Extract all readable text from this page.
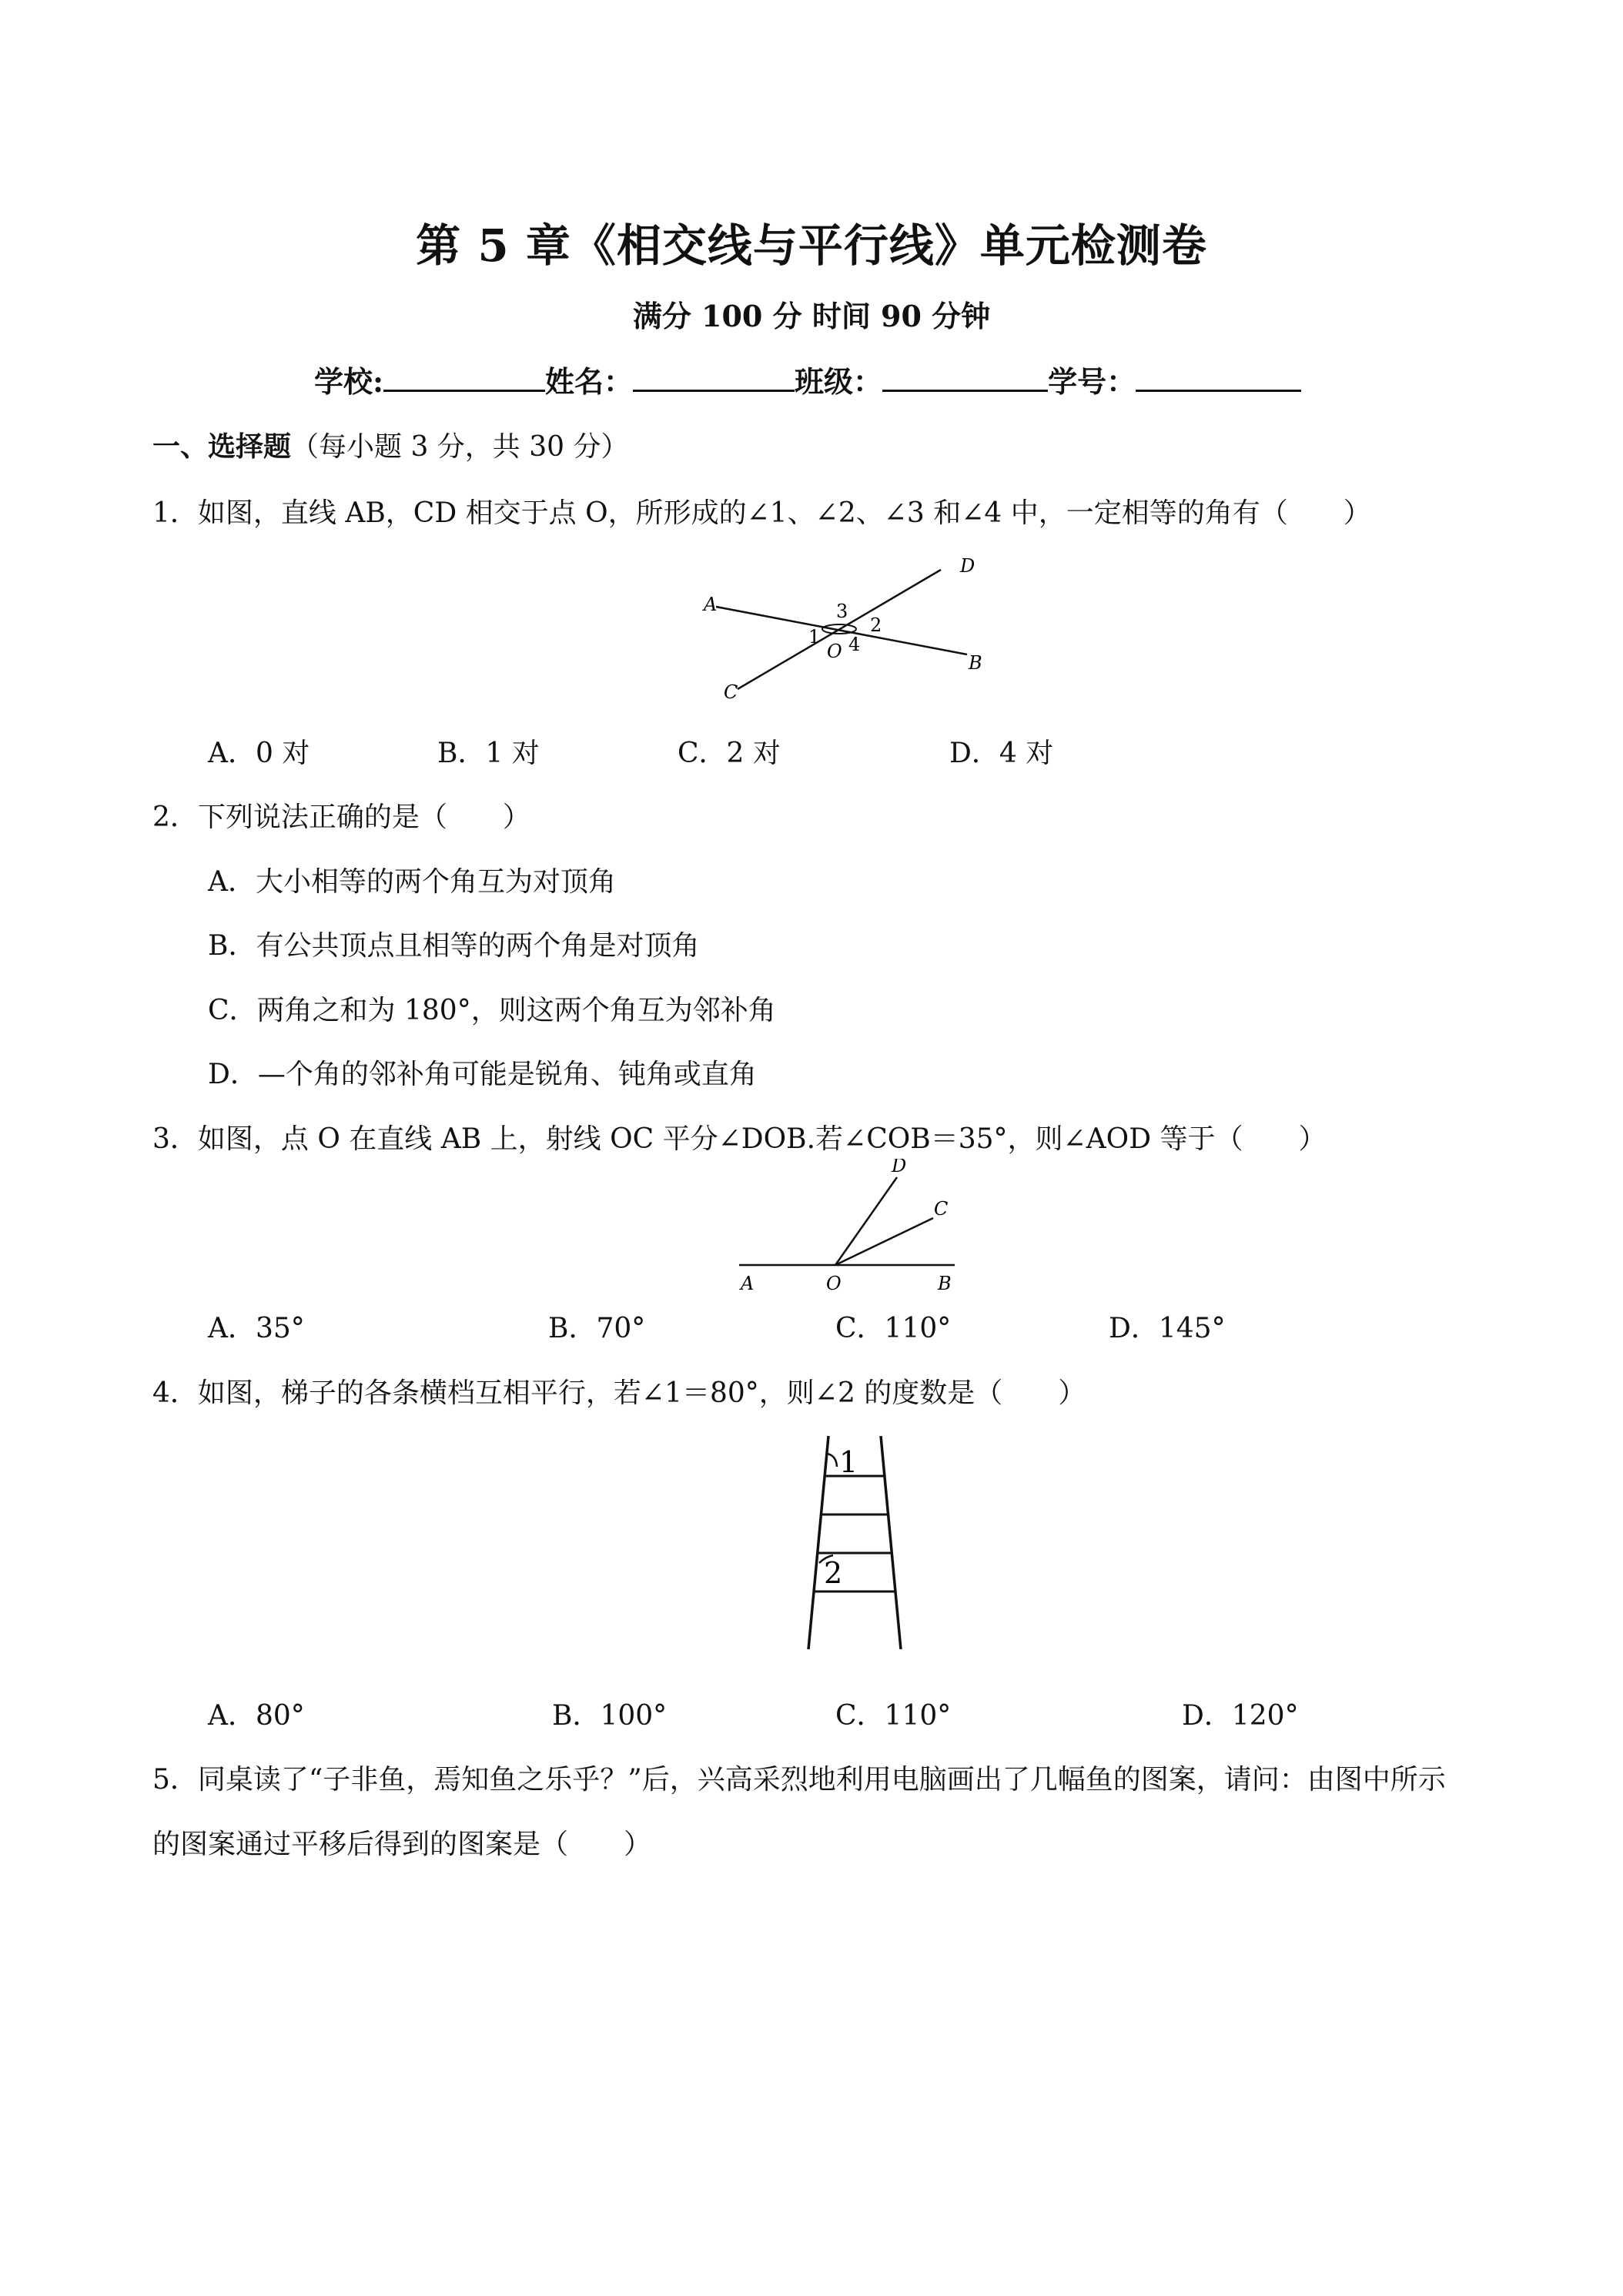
第 5 章《相交线与平行线》单元检测卷
满分 100 分 时间 90 分钟
学校:	姓名：	班级：	学号：
一、选择题（每小题 3 分，共 30 分）
1．如图，直线 AB，CD 相交于点 O，所形成的∠1、∠2、∠3 和∠4 中，一定相等的角有（　　）
A
B
C
D
O
1
2
3
4
A．0 对	B．1 对	C．2 对	D．4 对
2．下列说法正确的是（　　）
A．大小相等的两个角互为对顶角
B．有公共顶点且相等的两个角是对顶角
C．两角之和为 180°，则这两个角互为邻补角
D．—个角的邻补角可能是锐角、钝角或直角
3．如图，点 O 在直线 AB 上，射线 OC 平分∠DOB.若∠COB＝35°，则∠AOD 等于（　　）
A	O	B
C
D
A．35°	B．70°	C．110°	D．145°
4．如图，梯子的各条横档互相平行，若∠1＝80°，则∠2 的度数是（　　）
1
2
A．80°	B．100°	C．110°	D．120°
5．同桌读了“子非鱼，焉知鱼之乐乎？”后，兴高采烈地利用电脑画出了几幅鱼的图案，请问：由图中所示
的图案通过平移后得到的图案是（　　）
